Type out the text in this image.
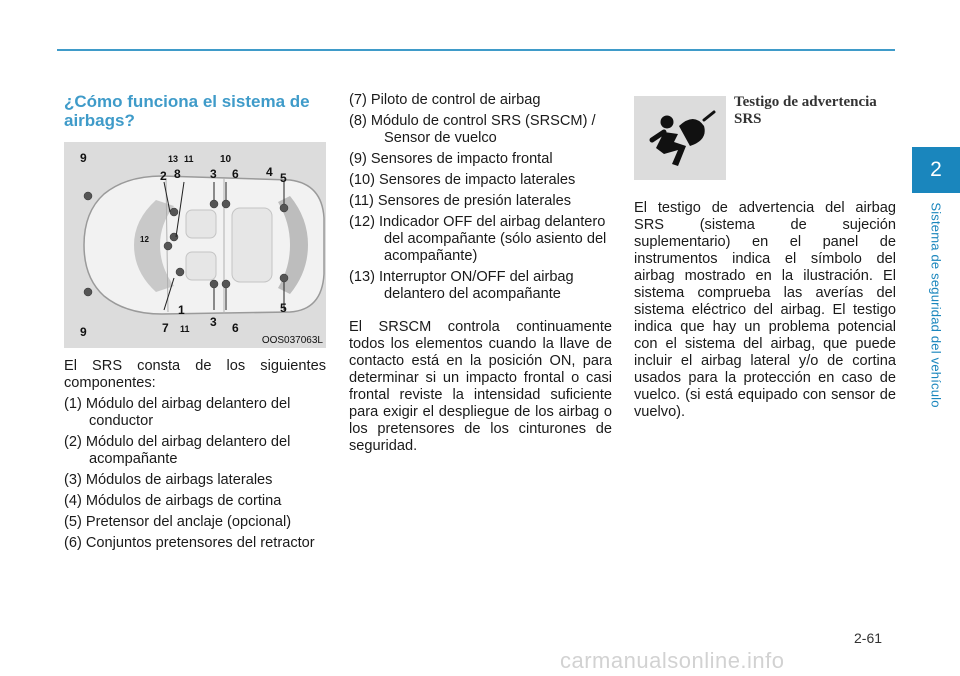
2
Sistema de seguridad del vehículo
¿Cómo funciona el sistema de airbags?
9	13 11	10
2 8 3 6 4 5
12
7
1
3 6
5
11
9
OOS037063L

El SRS consta de los siguientes componentes:

(1) Módulo del airbag delantero del conductor
(2) Módulo del airbag delantero del acompañante
(3) Módulos de airbags laterales
(4) Módulos de airbags de cortina
(5) Pretensor del anclaje (opcional)
(6) Conjuntos pretensores del retractor
(7) Piloto de control de airbag
(8) Módulo de control SRS (SRSCM) / Sensor de vuelco
(9) Sensores de impacto frontal
(10) Sensores de impacto laterales
(11) Sensores de presión laterales
(12) Indicador OFF del airbag delantero del acompañante (sólo asiento del acompañante)
(13) Interruptor ON/OFF del airbag delantero del acompañante

El SRSCM controla continuamente todos los elementos cuando la llave de contacto está en la posición ON, para determinar si un impacto frontal o casi frontal reviste la intensidad suficiente para exigir el despliegue de los airbag o los pretensores de los cinturones de seguridad.

Testigo de advertencia SRS

El testigo de advertencia del airbag SRS (sistema de sujeción suplementario) en el panel de instrumentos indica el símbolo del airbag mostrado en la ilustración. El sistema comprueba las averías del sistema eléctrico del airbag. El testigo indica que hay un problema potencial con el sistema del airbag, que puede incluir el airbag lateral y/o de cortina usados para la protección en caso de vuelco. (si está equipado con sensor de vuelvo).

2-61
carmanualsonline.info
